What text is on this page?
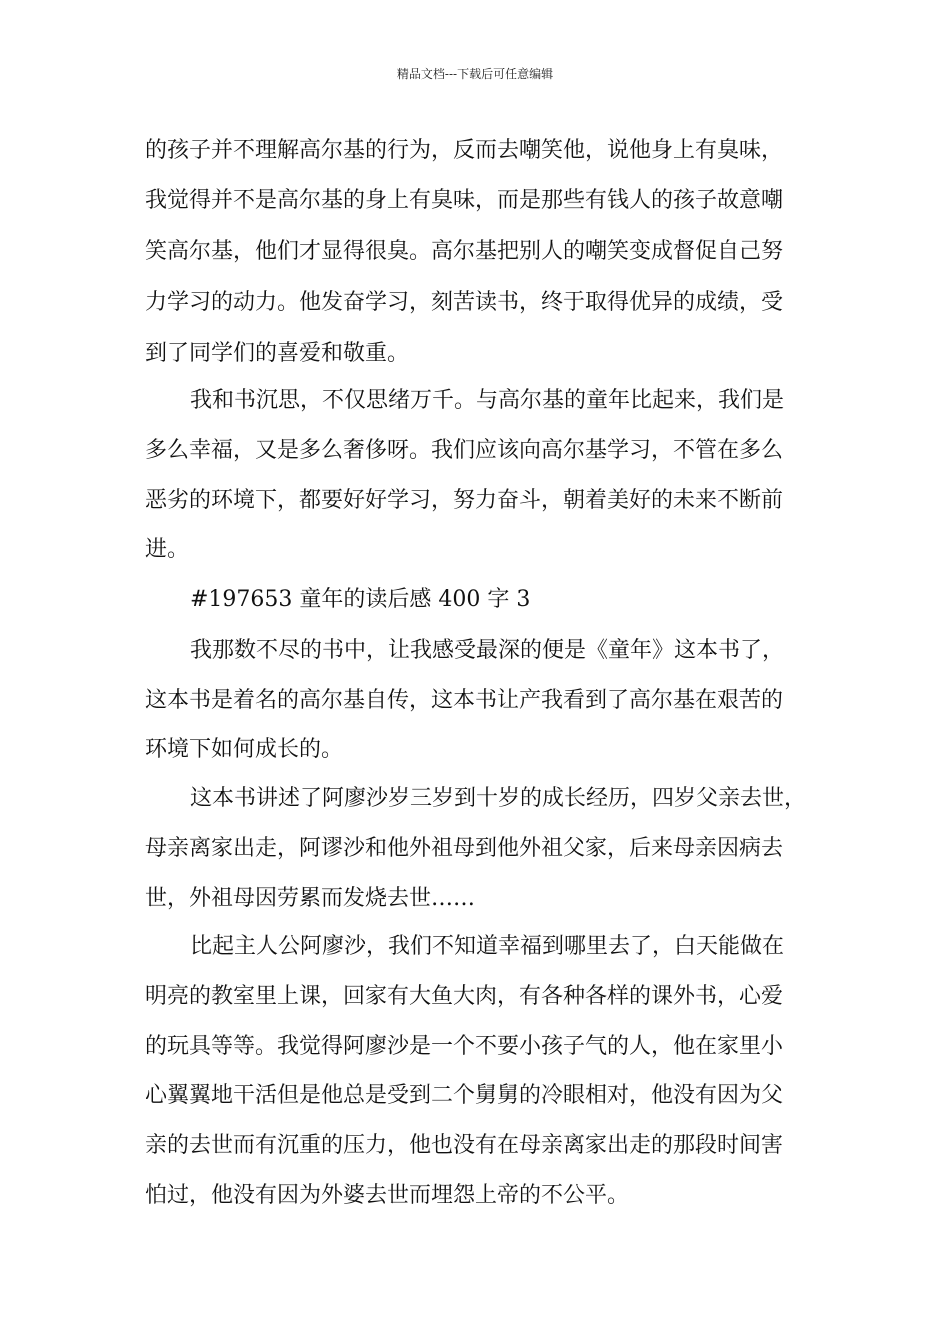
精品文档---下载后可任意编辑
的孩子并不理解高尔基的行为，反而去嘲笑他，说他身上有臭味，
我觉得并不是高尔基的身上有臭味，而是那些有钱人的孩子故意嘲
笑高尔基，他们才显得很臭。高尔基把别人的嘲笑变成督促自己努
力学习的动力。他发奋学习，刻苦读书，终于取得优异的成绩，受
到了同学们的喜爱和敬重。
我和书沉思，不仅思绪万千。与高尔基的童年比起来，我们是
多么幸福，又是多么奢侈呀。我们应该向高尔基学习，不管在多么
恶劣的环境下，都要好好学习，努力奋斗，朝着美好的未来不断前
进。
#197653 童年的读后感 400 字 3
我那数不尽的书中，让我感受最深的便是《童年》这本书了，
这本书是着名的高尔基自传，这本书让产我看到了高尔基在艰苦的
环境下如何成长的。
这本书讲述了阿廖沙岁三岁到十岁的成长经历，四岁父亲去世，
母亲离家出走，阿谬沙和他外祖母到他外祖父家，后来母亲因病去
世，外祖母因劳累而发烧去世……
比起主人公阿廖沙，我们不知道幸福到哪里去了，白天能做在
明亮的教室里上课，回家有大鱼大肉，有各种各样的课外书，心爱
的玩具等等。我觉得阿廖沙是一个不要小孩子气的人，他在家里小
心翼翼地干活但是他总是受到二个舅舅的冷眼相对，他没有因为父
亲的去世而有沉重的压力，他也没有在母亲离家出走的那段时间害
怕过，他没有因为外婆去世而埋怨上帝的不公平。
